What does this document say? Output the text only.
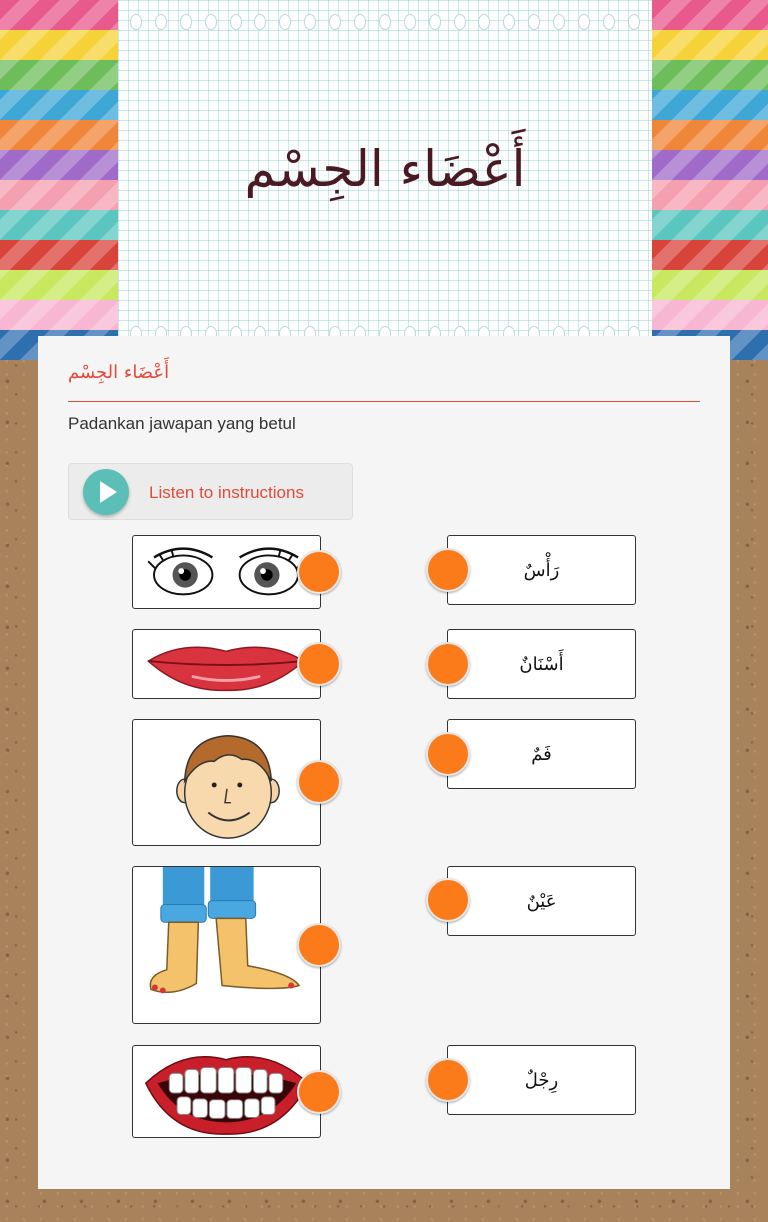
أَعْضَاء الجِسْم
أَعْضَاء الجِسْم
Padankan jawapan yang betul
Listen to instructions
رَأْسٌ
أَسْنَانٌ
فَمٌ
عَيْنٌ
رِجْلٌ
